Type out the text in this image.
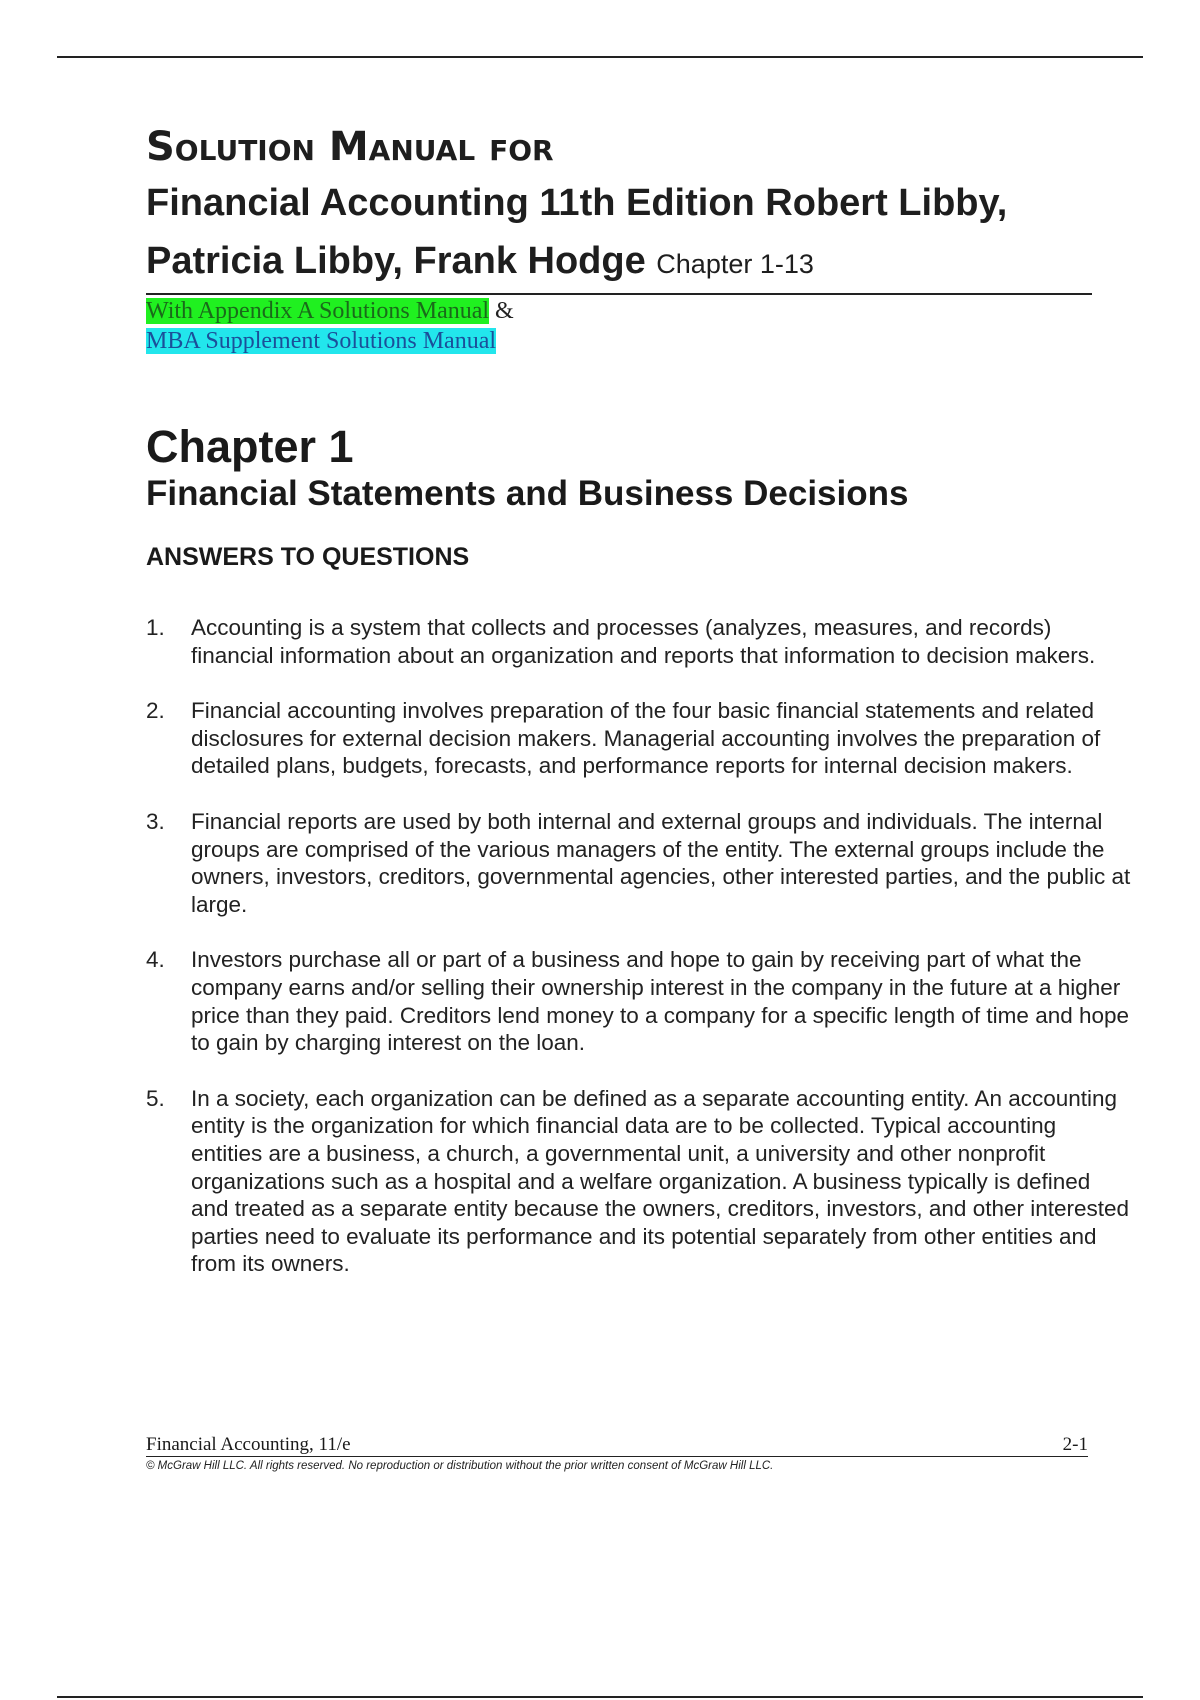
Solution Manual for
Financial Accounting 11th Edition Robert Libby,
Patricia Libby, Frank Hodge Chapter 1-13
With Appendix A Solutions Manual &
MBA Supplement Solutions Manual
Chapter 1
Financial Statements and Business Decisions
ANSWERS TO QUESTIONS
1. Accounting is a system that collects and processes (analyzes, measures, and records) financial information about an organization and reports that information to decision makers.
2. Financial accounting involves preparation of the four basic financial statements and related disclosures for external decision makers. Managerial accounting involves the preparation of detailed plans, budgets, forecasts, and performance reports for internal decision makers.
3. Financial reports are used by both internal and external groups and individuals. The internal groups are comprised of the various managers of the entity. The external groups include the owners, investors, creditors, governmental agencies, other interested parties, and the public at large.
4. Investors purchase all or part of a business and hope to gain by receiving part of what the company earns and/or selling their ownership interest in the company in the future at a higher price than they paid. Creditors lend money to a company for a specific length of time and hope to gain by charging interest on the loan.
5. In a society, each organization can be defined as a separate accounting entity. An accounting entity is the organization for which financial data are to be collected. Typical accounting entities are a business, a church, a governmental unit, a university and other nonprofit organizations such as a hospital and a welfare organization. A business typically is defined and treated as a separate entity because the owners, creditors, investors, and other interested parties need to evaluate its performance and its potential separately from other entities and from its owners.
Financial Accounting, 11/e	2-1
© McGraw Hill LLC. All rights reserved. No reproduction or distribution without the prior written consent of McGraw Hill LLC.
